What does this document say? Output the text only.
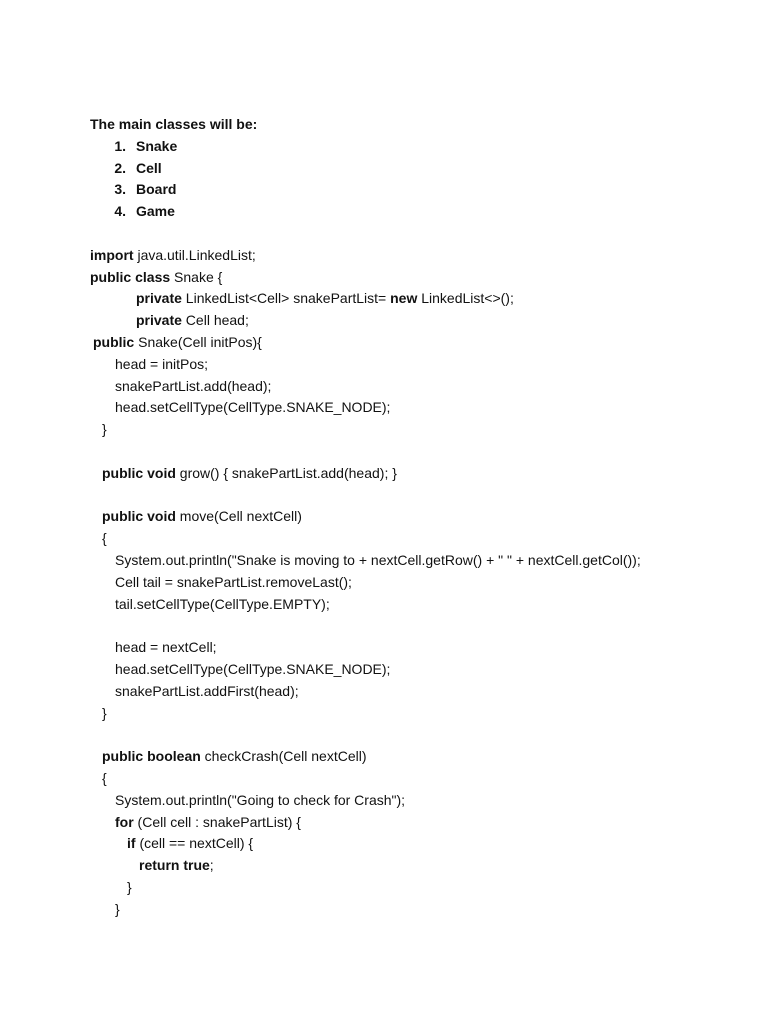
The main classes will be:
1 . Snake
2 . Cell
3 . Board
4 . Game
import java.util.LinkedList;
public class Snake {
private LinkedList<Cell> snakePartList= new LinkedList<>();
private Cell head;
public Snake(Cell initPos){
head = initPos;
snakePartList.add(head);
head.setCellType(CellType.SNAKE_NODE);
}
public void grow() { snakePartList.add(head); }
public void move(Cell nextCell)
{
System.out.println("Snake is moving to + nextCell.getRow() + " " + nextCell.getCol());
Cell tail = snakePartList.removeLast();
tail.setCellType(CellType.EMPTY);
head = nextCell;
head.setCellType(CellType.SNAKE_NODE);
snakePartList.addFirst(head);
}
public boolean checkCrash(Cell nextCell)
{
System.out.println("Going to check for Crash");
for (Cell cell : snakePartList) {
if (cell == nextCell) {
return true;
}
}
